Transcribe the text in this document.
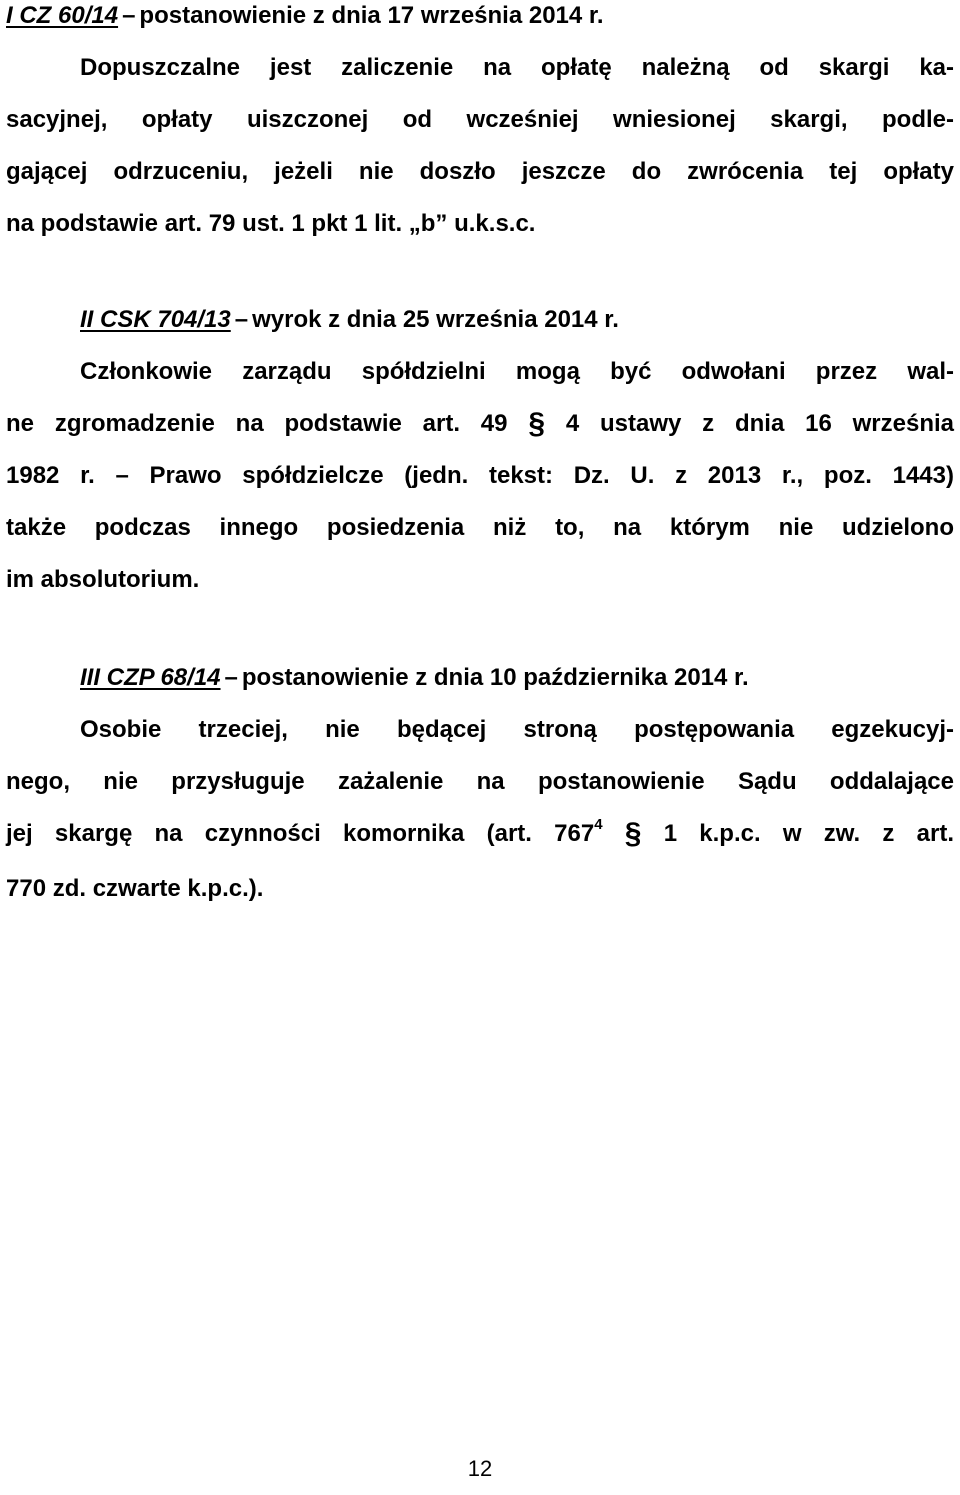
I CZ 60/14 – postanowienie z dnia 17 września 2014 r.
Dopuszczalne jest zaliczenie na opłatę należną od skargi ka-
sacyjnej, opłaty uiszczonej od wcześniej wniesionej skargi, podle-
gającej odrzuceniu, jeżeli nie doszło jeszcze do zwrócenia tej opłaty
na podstawie art. 79 ust. 1 pkt 1 lit. „b” u.k.s.c.
II CSK 704/13 – wyrok z dnia 25 września 2014 r.
Członkowie zarządu spółdzielni mogą być odwołani przez wal-
ne zgromadzenie na podstawie art. 49 § 4 ustawy z dnia 16 września
1982 r. – Prawo spółdzielcze (jedn. tekst: Dz. U. z 2013 r., poz. 1443)
także podczas innego posiedzenia niż to, na którym nie udzielono
im absolutorium.
III CZP 68/14 – postanowienie z dnia 10 października 2014 r.
Osobie trzeciej, nie będącej stroną postępowania egzekucyj-
nego, nie przysługuje zażalenie na postanowienie Sądu oddalające
jej skargę na czynności komornika (art. $767^4$ § 1 k.p.c. w zw. z art.
770 zd. czwarte k.p.c.).
12
